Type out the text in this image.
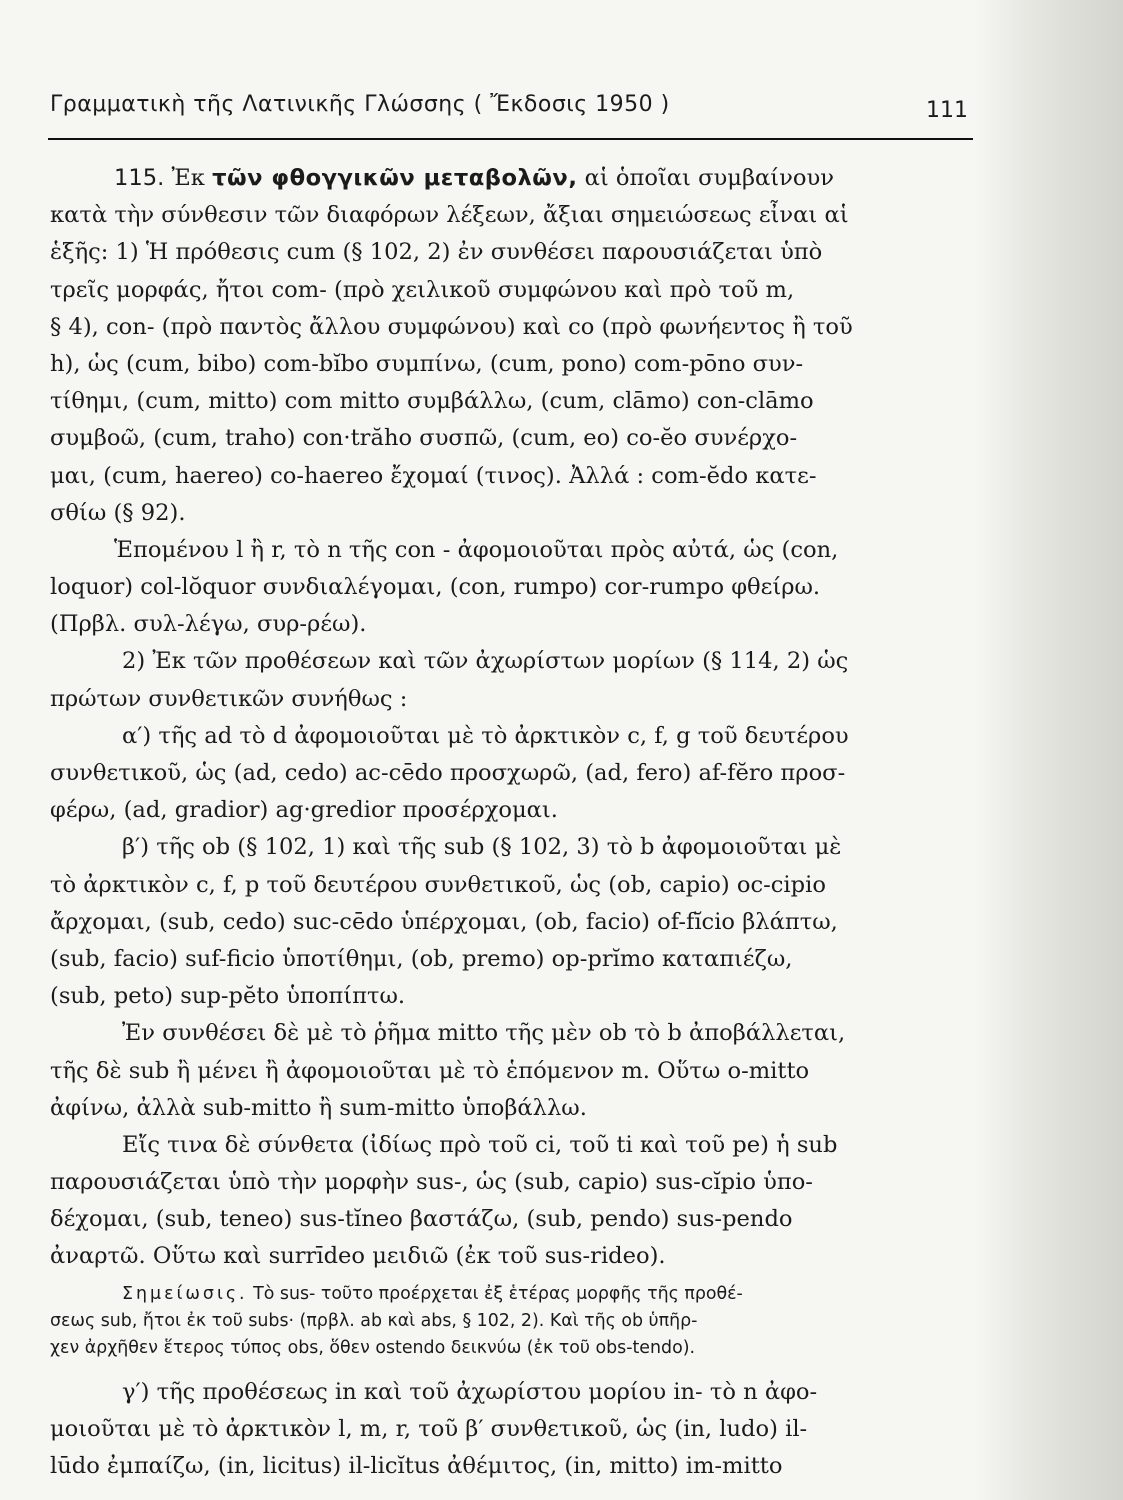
Γραμματικὴ τῆς Λατινικῆς Γλώσσης ( Ἔκδοσις 1950 )	111
115. Ἐκ τῶν φθογγικῶν μεταβολῶν, αἱ ὁποῖαι συμβαίνουν
κατὰ τὴν σύνθεσιν τῶν διαφόρων λέξεων, ἄξιαι σημειώσεως εἶναι αἱ
ἑξῆς: 1) Ἡ πρόθεσις cum (§ 102, 2) ἐν συνθέσει παρουσιάζεται ὑπὸ
τρεῖς μορφάς, ἤτοι com- (πρὸ χειλικοῦ συμφώνου καὶ πρὸ τοῦ m,
§ 4), con- (πρὸ παντὸς ἄλλου συμφώνου) καὶ co (πρὸ φωνήεντος ἢ τοῦ
h), ὡς (cum, bibo) com-bĭbo συμπίνω, (cum, pono) com-pōno συν-
τίθημι, (cum, mitto) com mitto συμβάλλω, (cum, clāmo) con-clāmo
συμβοῶ, (cum, traho) con·trăho συσπῶ, (cum, eo) co-ĕo συνέρχο-
μαι, (cum, haereo) co-haereo ἔχομαί (τινος). Ἀλλά : com-ĕdo κατε-
σθίω (§ 92).
Ἑπομένου l ἢ r, τὸ n τῆς con - ἀφομοιοῦται πρὸς αὐτά, ὡς (con,
loquor) col-lŏquor συνδιαλέγομαι, (con, rumpo) cor-rumpo φθείρω.
(Πρβλ. συλ-λέγω, συρ-ρέω).
2) Ἐκ τῶν προθέσεων καὶ τῶν ἀχωρίστων μορίων (§ 114, 2) ὡς
πρώτων συνθετικῶν συνήθως :
α′) τῆς ad τὸ d ἀφομοιοῦται μὲ τὸ ἀρκτικὸν c, f, g τοῦ δευτέρου
συνθετικοῦ, ὡς (ad, cedo) ac-cēdo προσχωρῶ, (ad, fero) af-fĕro προσ-
φέρω, (ad, gradior) ag·gredior προσέρχομαι.
β′) τῆς ob (§ 102, 1) καὶ τῆς sub (§ 102, 3) τὸ b ἀφομοιοῦται μὲ
τὸ ἀρκτικὸν c, f, p τοῦ δευτέρου συνθετικοῦ, ὡς (ob, capio) oc-cipio
ἄρχομαι, (sub, cedo) suc-cēdo ὑπέρχομαι, (ob, facio) of-fĭcio βλάπτω,
(sub, facio) suf-ficio ὑποτίθημι, (ob, premo) op-prĭmo καταπιέζω,
(sub, peto) sup-pĕto ὑποπίπτω.
Ἐν συνθέσει δὲ μὲ τὸ ῥῆμα mitto τῆς μὲν ob τὸ b ἀποβάλλεται,
τῆς δὲ sub ἢ μένει ἢ ἀφομοιοῦται μὲ τὸ ἑπόμενον m. Οὕτω o-mitto
ἀφίνω, ἀλλὰ sub-mitto ἢ sum-mitto ὑποβάλλω.
Εἴς τινα δὲ σύνθετα (ἰδίως πρὸ τοῦ ci, τοῦ ti καὶ τοῦ pe) ἡ sub
παρουσιάζεται ὑπὸ τὴν μορφὴν sus-, ὡς (sub, capio) sus-cĭpio ὑπο-
δέχομαι, (sub, teneo) sus-tĭneo βαστάζω, (sub, pendo) sus-pendo
ἀναρτῶ. Οὕτω καὶ surrīdeo μειδιῶ (ἐκ τοῦ sus-rideo).
Σημείωσις. Τὸ sus- τοῦτο προέρχεται ἐξ ἑτέρας μορφῆς τῆς προθέ-
σεως sub, ἤτοι ἐκ τοῦ subs· (πρβλ. ab καὶ abs, § 102, 2). Καὶ τῆς ob ὑπῆρ-
χεν ἀρχῆθεν ἕτερος τύπος obs, ὅθεν ostendo δεικνύω (ἐκ τοῦ obs-tendo).
γ′) τῆς προθέσεως in καὶ τοῦ ἀχωρίστου μορίου in- τὸ n ἀφο-
μοιοῦται μὲ τὸ ἀρκτικὸν l, m, r, τοῦ β′ συνθετικοῦ, ὡς (in, ludo) il-
lūdo ἐμπαίζω, (in, licitus) il-licĭtus ἀθέμιτος, (in, mitto) im-mitto
